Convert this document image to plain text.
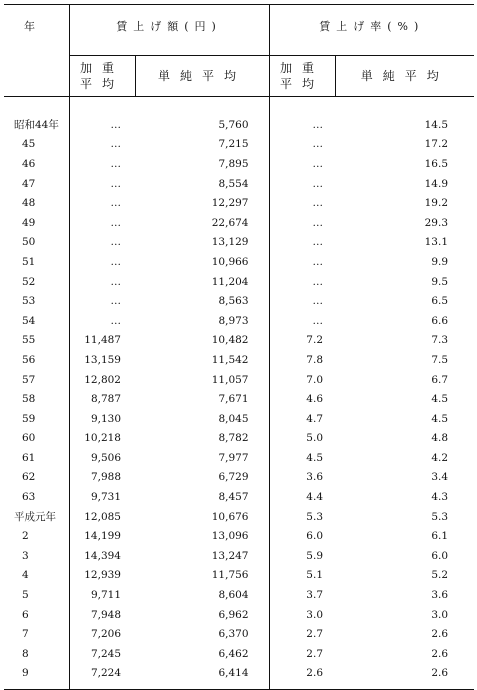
年	賃上げ額(円)		賃上げ率(%)	
	加重平均	単純平均	加重平均	単純平均
昭和44年	…	5,760	…	14.5
45	…	7,215	…	17.2
46	…	7,895	…	16.5
47	…	8,554	…	14.9
48	…	12,297	…	19.2
49	…	22,674	…	29.3
50	…	13,129	…	13.1
51	…	10,966	…	9.9
52	…	11,204	…	9.5
53	…	8,563	…	6.5
54	…	8,973	…	6.6
55	11,487	10,482	7.2	7.3
56	13,159	11,542	7.8	7.5
57	12,802	11,057	7.0	6.7
58	8,787	7,671	4.6	4.5
59	9,130	8,045	4.7	4.5
60	10,218	8,782	5.0	4.8
61	9,506	7,977	4.5	4.2
62	7,988	6,729	3.6	3.4
63	9,731	8,457	4.4	4.3
平成元年	12,085	10,676	5.3	5.3
2	14,199	13,096	6.0	6.1
3	14,394	13,247	5.9	6.0
4	12,939	11,756	5.1	5.2
5	9,711	8,604	3.7	3.6
6	7,948	6,962	3.0	3.0
7	7,206	6,370	2.7	2.6
8	7,245	6,462	2.7	2.6
9	7,224	6,414	2.6	2.6
